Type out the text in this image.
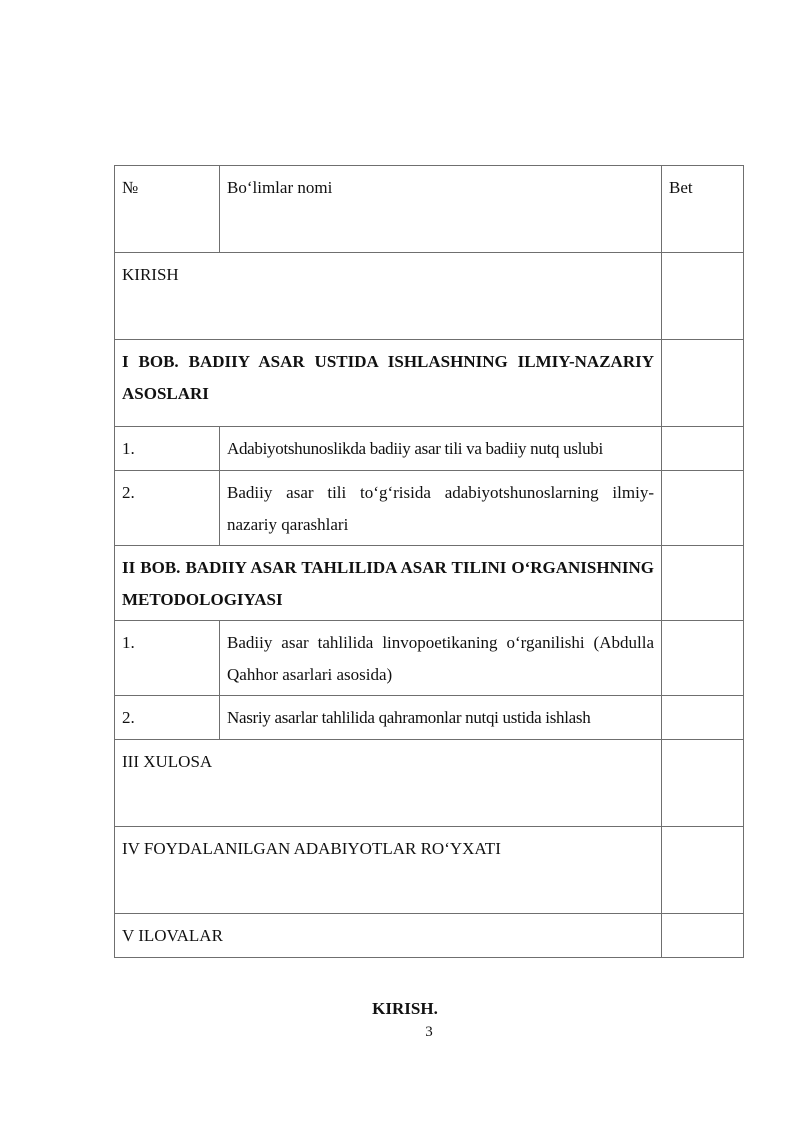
№	Bo‘limlar nomi	Bet
KIRISH		
I BOB. BADIIY ASAR USTIDA ISHLASHNING ILMIY-NAZARIY ASOSLARI		
1.	Adabiyotshunoslikda badiiy asar tili va badiiy nutq uslubi	
2.	Badiiy asar tili to‘g‘risida adabiyotshunoslarning ilmiy-nazariy qarashlari	
II BOB. BADIIY ASAR TAHLILIDA ASAR TILINI O‘RGANISHNING METODOLOGIYASI		
1.	Badiiy asar tahlilida linvopoetikaning o‘rganilishi (Abdulla Qahhor asarlari asosida)	
2.	Nasriy asarlar tahlilida qahramonlar nutqi ustida ishlash	
III XULOSA		
IV FOYDALANILGAN ADABIYOTLAR RO‘YXATI		
V ILOVALAR		
KIRISH.
3
